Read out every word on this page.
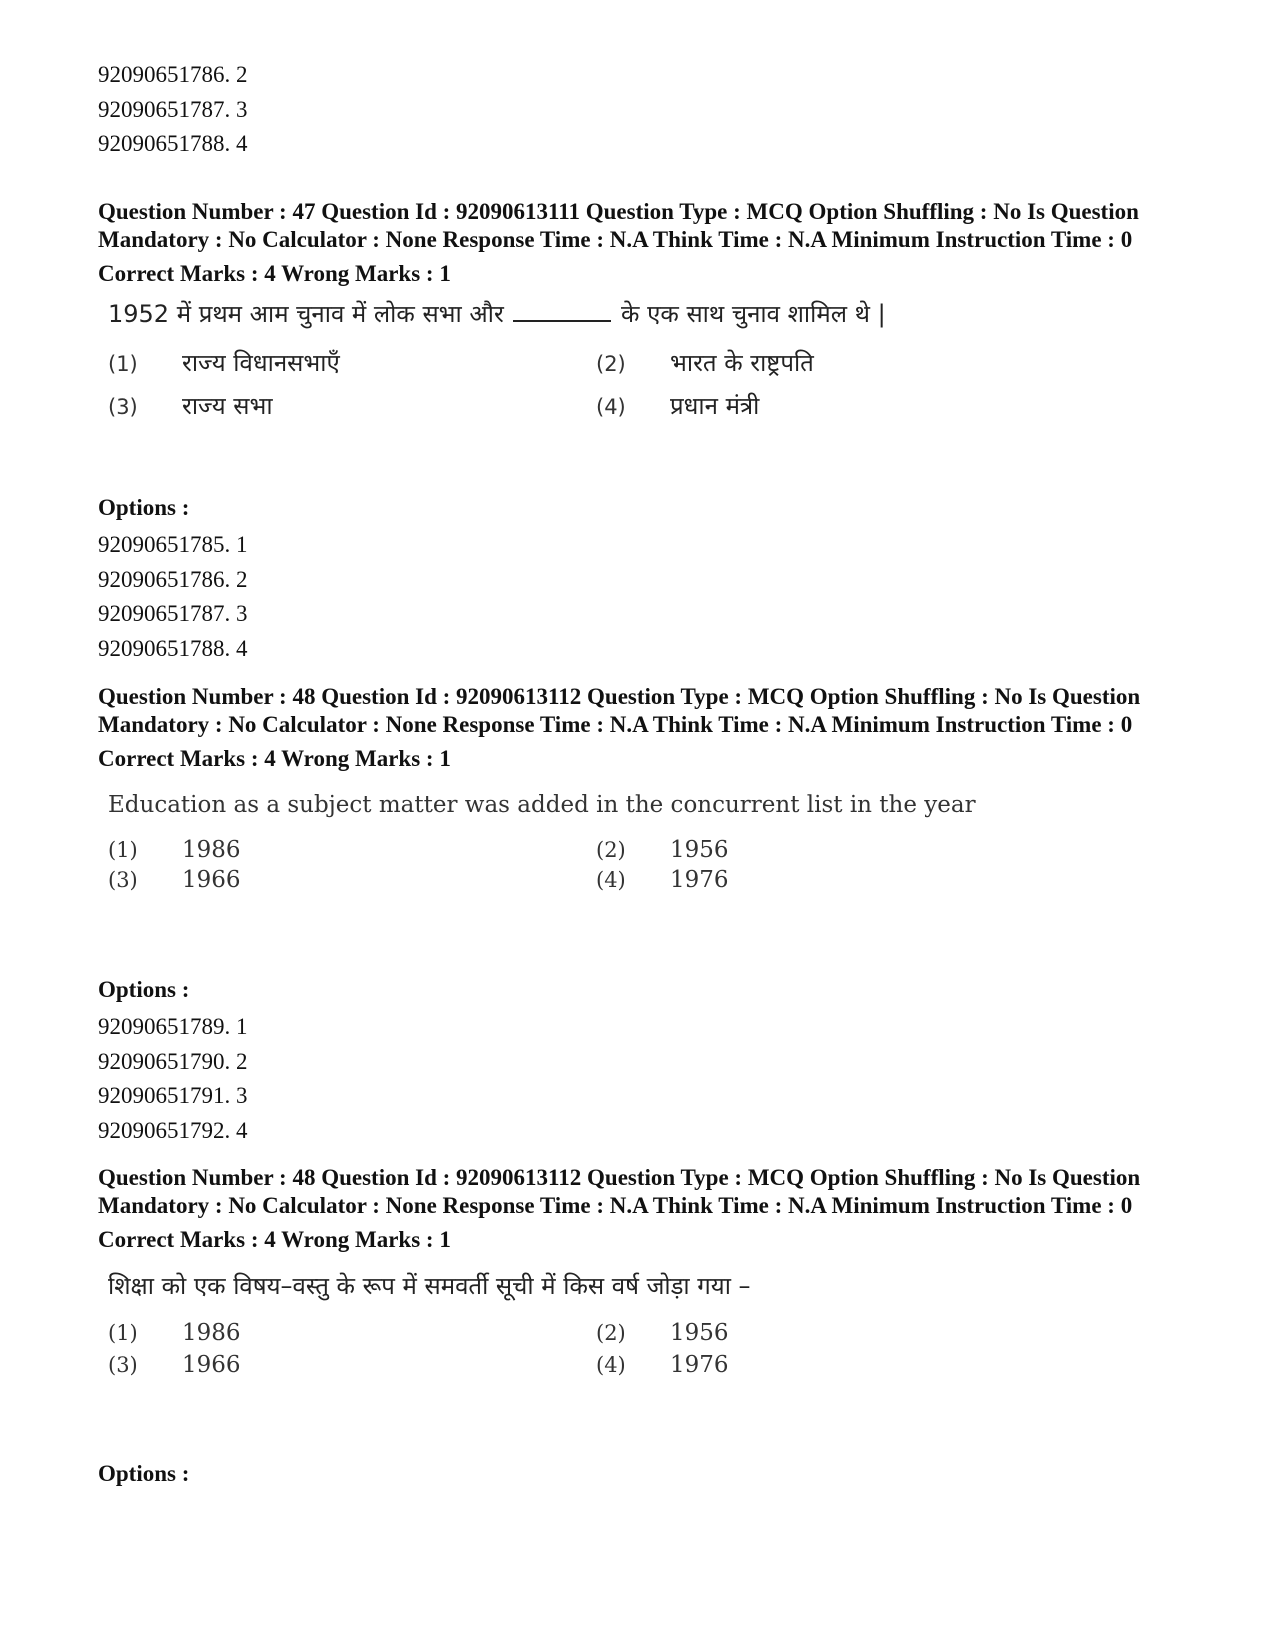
92090651786. 2
92090651787. 3
92090651788. 4

Question Number : 47 Question Id : 92090613111 Question Type : MCQ Option Shuffling : No Is Question Mandatory : No Calculator : None Response Time : N.A Think Time : N.A Minimum Instruction Time : 0

Correct Marks : 4 Wrong Marks : 1
1952 में प्रथम आम चुनाव में लोक सभा और	के एक साथ चुनाव शामिल थे |
(1)	राज्य विधानसभाएँ	(2)	भारत के राष्ट्रपति
(3)	राज्य सभा	(4)	प्रधान मंत्री
Options :
92090651785. 1
92090651786. 2
92090651787. 3
92090651788. 4

Question Number : 48 Question Id : 92090613112 Question Type : MCQ Option Shuffling : No Is Question Mandatory : No Calculator : None Response Time : N.A Think Time : N.A Minimum Instruction Time : 0

Correct Marks : 4 Wrong Marks : 1
Education as a subject matter was added in the concurrent list in the year
(1)	1986	(2)	1956
(3)	1966	(4)	1976
Options :
92090651789. 1
92090651790. 2
92090651791. 3
92090651792. 4

Question Number : 48 Question Id : 92090613112 Question Type : MCQ Option Shuffling : No Is Question Mandatory : No Calculator : None Response Time : N.A Think Time : N.A Minimum Instruction Time : 0

Correct Marks : 4 Wrong Marks : 1
शिक्षा को एक विषय–वस्तु के रूप में समवर्ती सूची में किस वर्ष जोड़ा गया –
(1)	1986	(2)	1956
(3)	1966	(4)	1976
Options :
